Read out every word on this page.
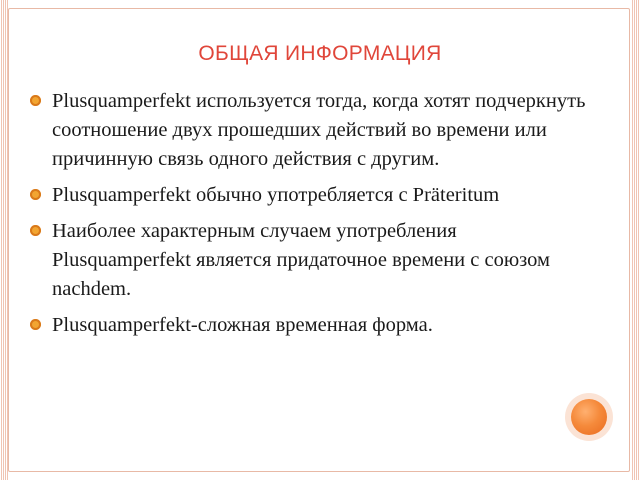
ОБЩАЯ ИНФОРМАЦИЯ
Plusquamperfekt используется тогда, когда хотят подчеркнуть соотношение двух прошедших действий во времени или причинную связь одного действия с другим.
Plusquamperfekt обычно употребляется с Präteritum
Наиболее характерным случаем употребления Plusquamperfekt является придаточное времени с союзом nachdem.
Plusquamperfekt-сложная временная форма.
